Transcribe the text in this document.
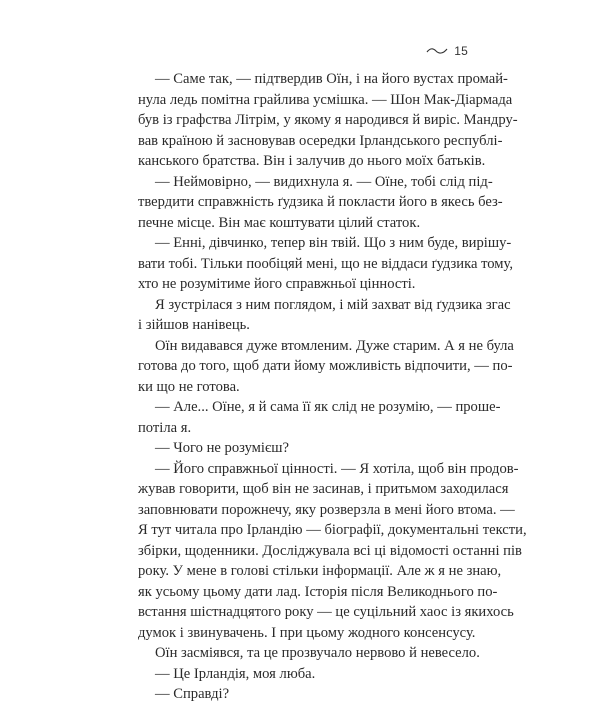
15
— Саме так, — підтвердив Оїн, і на його вустах промай-
нула ледь помітна грайлива усмішка. — Шон Мак-Діармада
був із графства Літрім, у якому я народився й виріс. Мандру-
вав країною й засновував осередки Ірландського республі-
канського братства. Він і залучив до нього моїх батьків.
— Неймовірно, — видихнула я. — Оїне, тобі слід під-
твердити справжність ґудзика й покласти його в якесь без-
печне місце. Він має коштувати цілий статок.
— Енні, дівчинко, тепер він твій. Що з ним буде, вирішу-
вати тобі. Тільки пообіцяй мені, що не віддаси ґудзика тому,
хто не розумітиме його справжньої цінності.
Я зустрілася з ним поглядом, і мій захват від ґудзика згас
і зійшов нанівець.
Оїн видавався дуже втомленим. Дуже старим. А я не була
готова до того, щоб дати йому можливість відпочити, — по-
ки що не готова.
— Але... Оїне, я й сама її як слід не розумію, — проше-
потіла я.
— Чого не розумієш?
— Його справжньої цінності. — Я хотіла, щоб він продов-
жував говорити, щоб він не засинав, і притьмом заходилася
заповнювати порожнечу, яку розверзла в мені його втома. —
Я тут читала про Ірландію — біографії, документальні тексти,
збірки, щоденники. Досліджувала всі ці відомості останні пів
року. У мене в голові стільки інформації. Але ж я не знаю,
як усьому цьому дати лад. Історія після Великоднього по-
встання шістнадцятого року — це суцільний хаос із якихось
думок і звинувачень. І при цьому жодного консенсусу.
Оїн засміявся, та це прозвучало нервово й невесело.
— Це Ірландія, моя люба.
— Справді?
